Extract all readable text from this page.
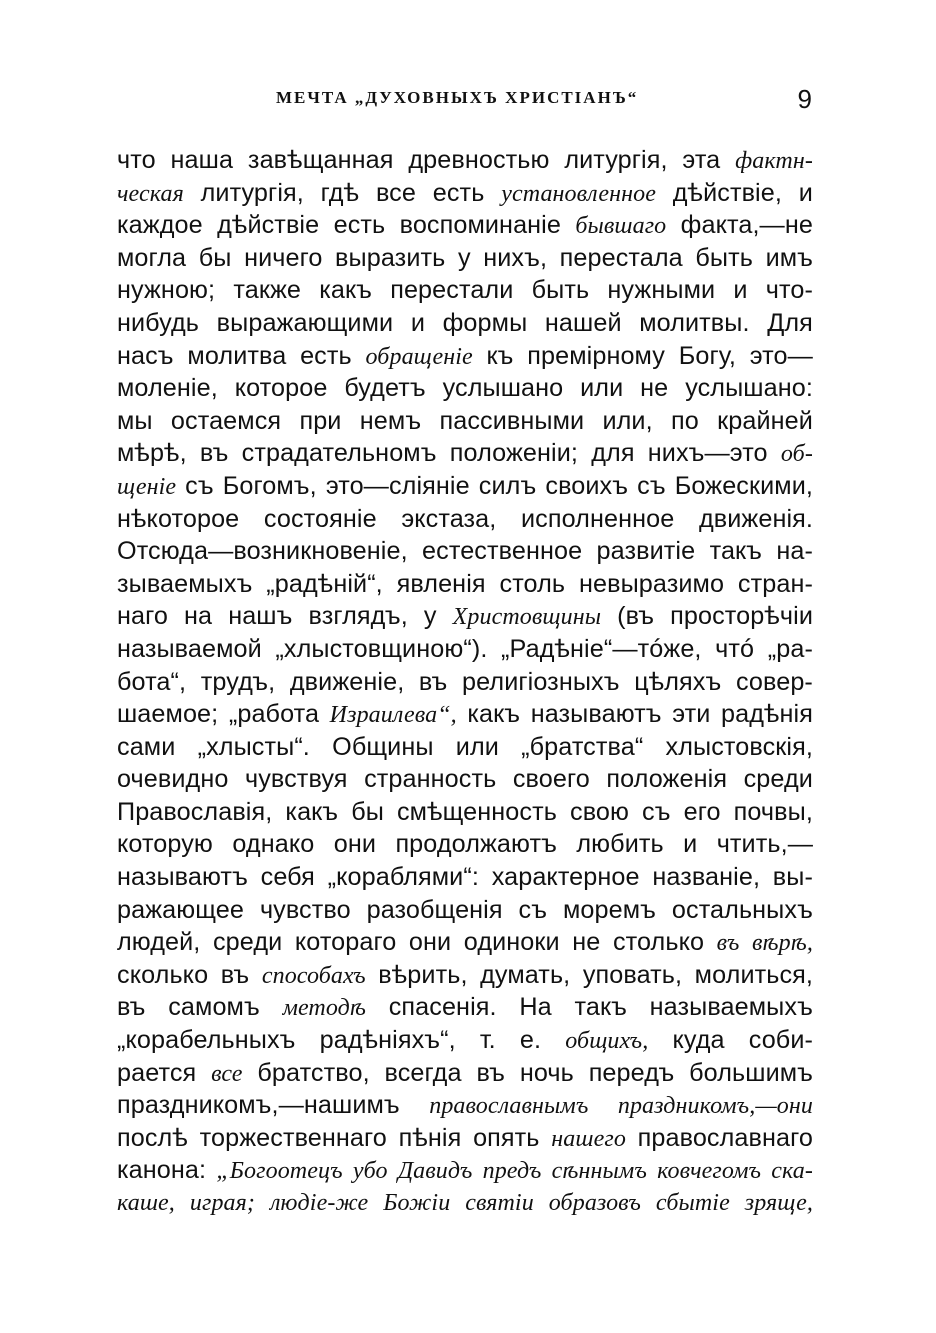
МЕЧТА „ДУХОВНЫХЪ ХРИСТІАНЪ“	9
что наша завѣщанная древностью литургія, эта фактн-
ческая литургія, гдѣ все есть установленное дѣйствіе, и
каждое дѣйствіе есть воспоминаніе бывшаго факта,—не
могла бы ничего выразить у нихъ, перестала быть имъ
нужною; также какъ перестали быть нужными и что-
нибудь выражающими и формы нашей молитвы. Для
насъ молитва есть обращеніе къ премірному Богу, это—
моленіе, которое будетъ услышано или не услышано:
мы остаемся при немъ пассивными или, по крайней
мѣрѣ, въ страдательномъ положеніи; для нихъ—это об-
щеніе съ Богомъ, это—сліяніе силъ своихъ съ Божескими,
нѣкоторое состояніе экстаза, исполненное движенія.
Отсюда—возникновеніе, естественное развитіе такъ на-
зываемыхъ „радѣній“, явленія столь невыразимо стран-
наго на нашъ взглядъ, у Христовщины (въ простоpѣчіи
называемой „хлыстовщиною“). „Радѣніе“—тóже, чтó „ра-
бота“, трудъ, движеніе, въ религіозныхъ цѣляхъ совер-
шаемое; „работа Израилева“, какъ называютъ эти радѣнія
сами „хлысты“. Общины или „братства“ хлыстовскія,
очевидно чувствуя странность своего положенія среди
Православія, какъ бы смѣщенность свою съ его почвы,
которую однако они продолжаютъ любить и чтить,—
называютъ себя „кораблями“: характерное названіе, вы-
ражающее чувство разобщенія съ моремъ остальныхъ
людей, среди котораго они одиноки не столько въ вѣрѣ,
сколько въ способахъ вѣрить, думать, уповать, молиться,
въ самомъ методѣ спасенія. На такъ называемыхъ
„корабельныхъ радѣніяхъ“, т. е. общихъ, куда соби-
рается все братство, всегда въ ночь передъ большимъ
праздникомъ,—нашимъ православнымъ праздникомъ,—они
послѣ торжественнаго пѣнія опять нашего православнаго
канона: „Богоотецъ убо Давидъ предъ сѣннымъ ковчегомъ ска-
каше, играя; людіе-же Божіи святіи образовъ сбытіе зряще,
